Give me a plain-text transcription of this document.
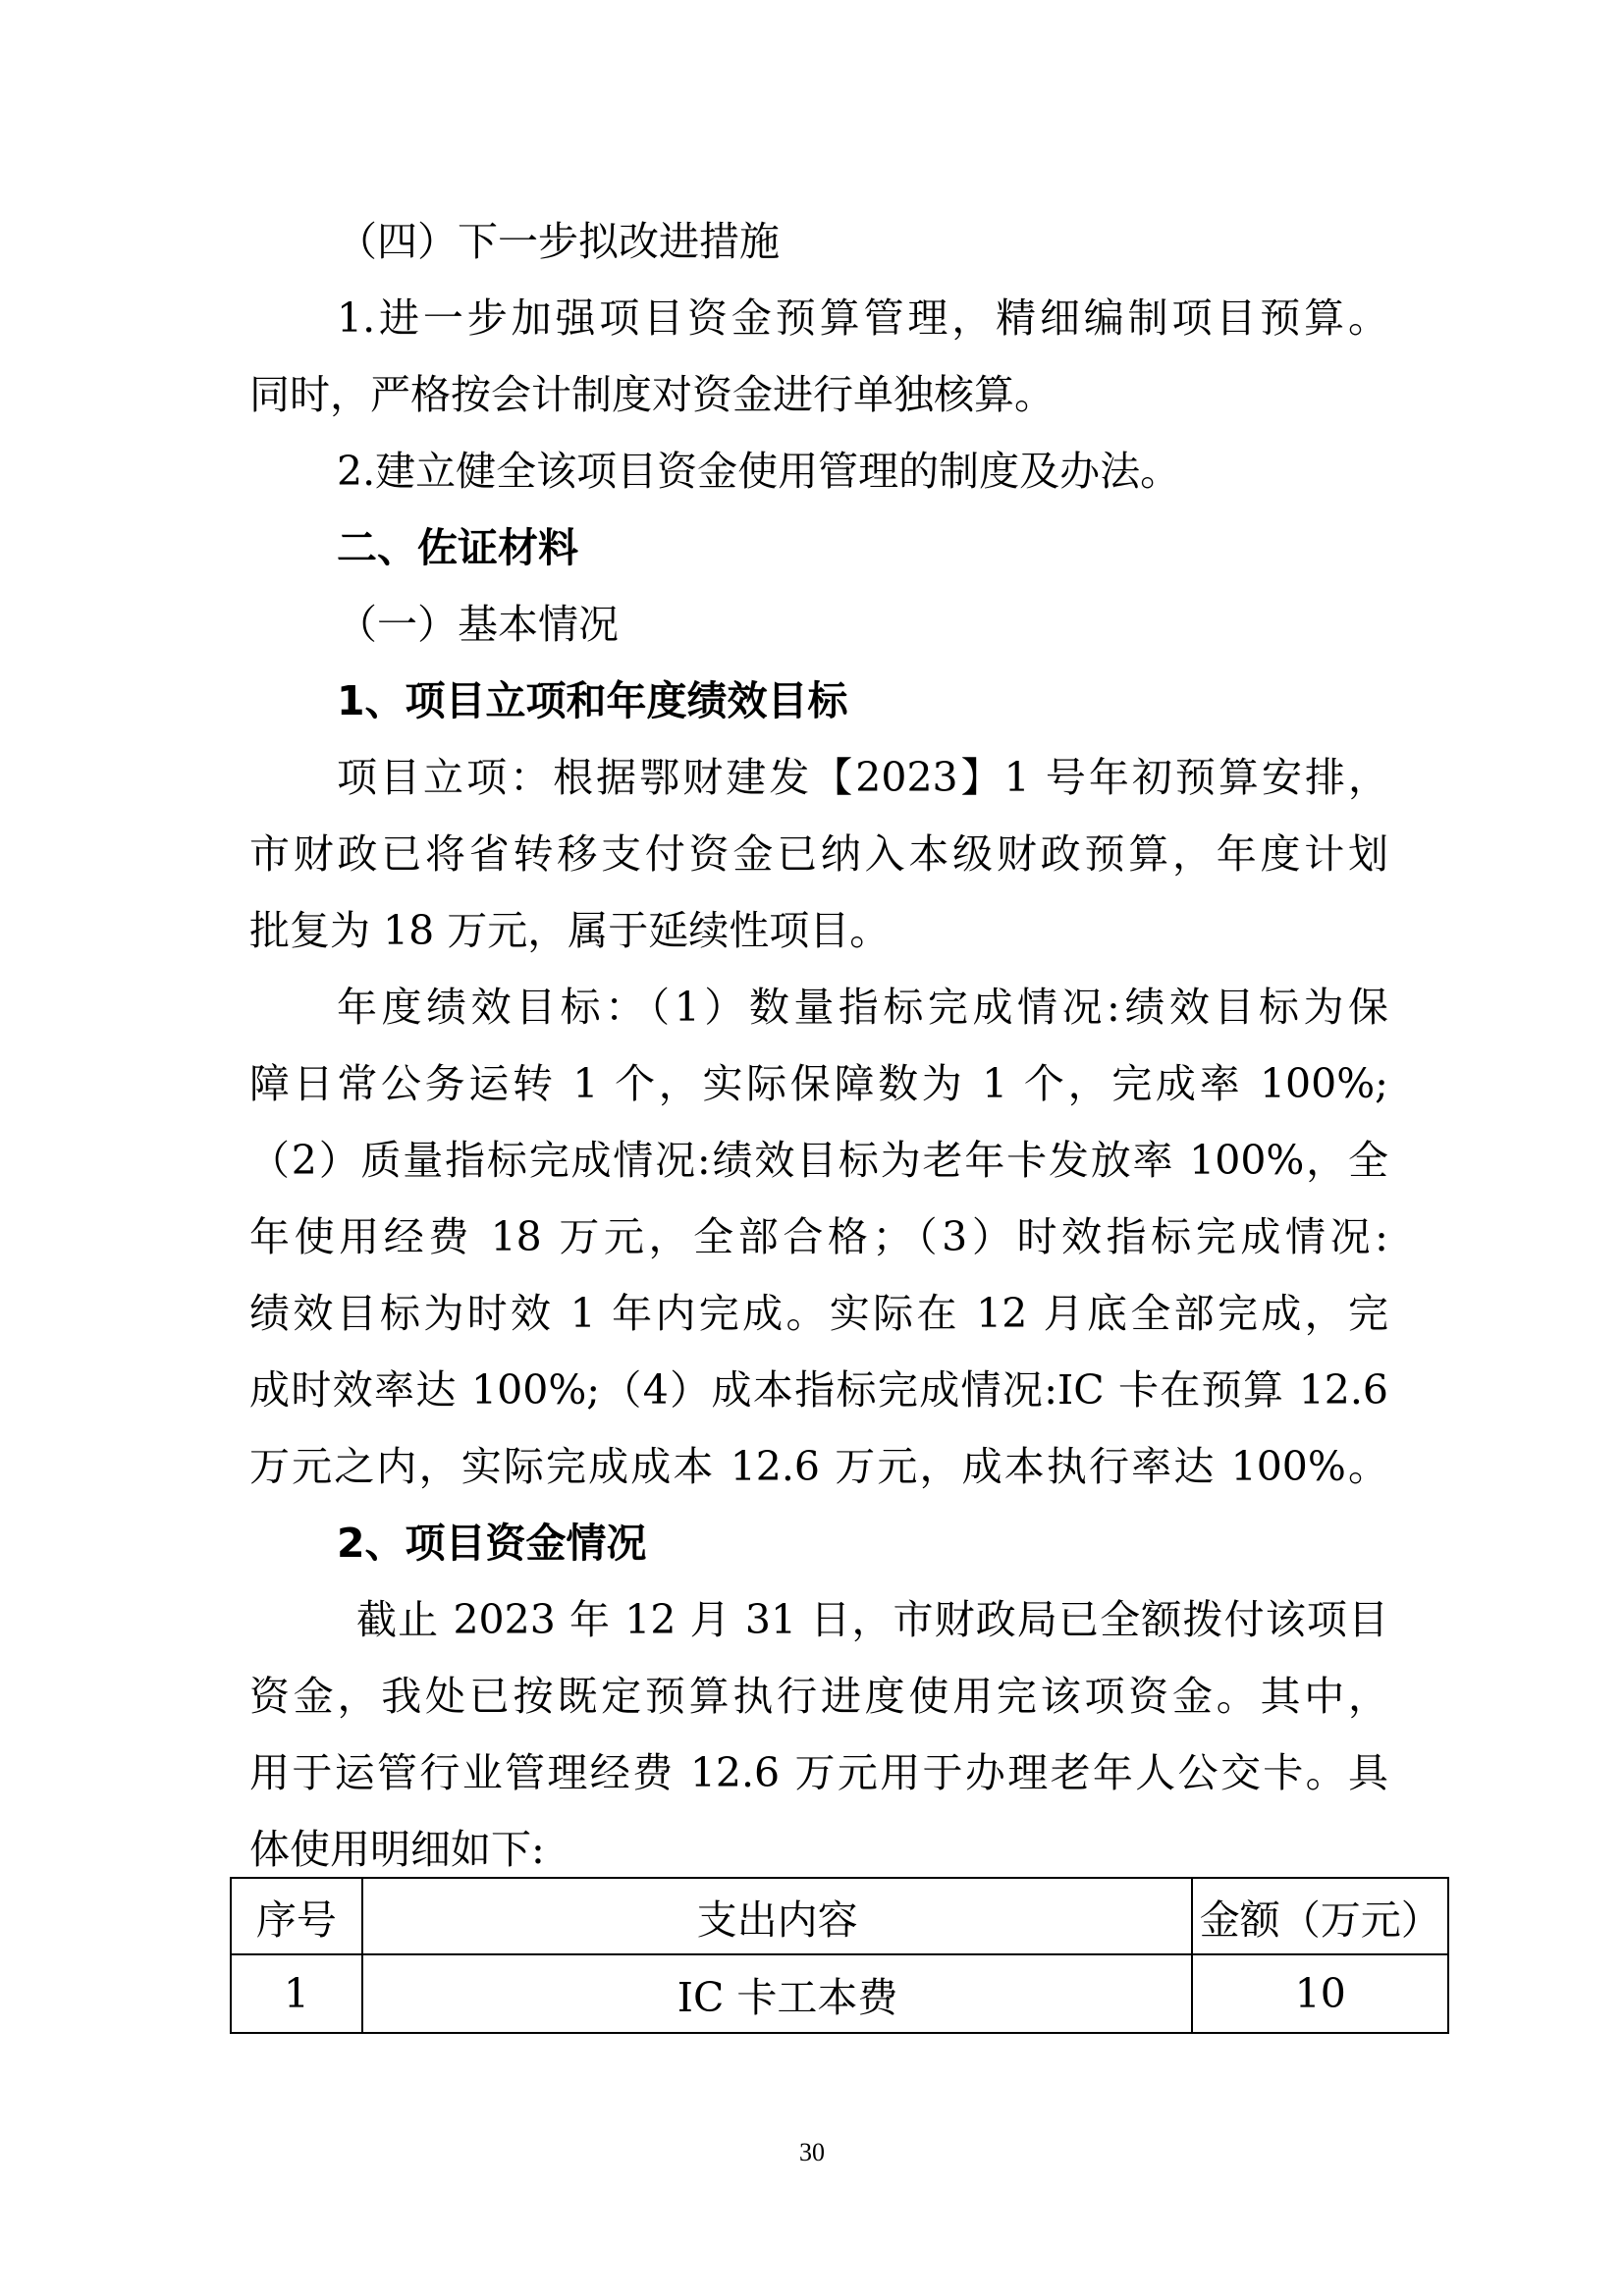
（四）下一步拟改进措施
1.进一步加强项目资金预算管理，精细编制项目预算。
同时，严格按会计制度对资金进行单独核算。
2.建立健全该项目资金使用管理的制度及办法。
二、佐证材料
（一）基本情况
1、项目立项和年度绩效目标
项目立项：根据鄂财建发【2023】1 号年初预算安排，
市财政已将省转移支付资金已纳入本级财政预算，年度计划
批复为 18 万元，属于延续性项目。
年度绩效目标：（1）数量指标完成情况:绩效目标为保
障日常公务运转 1 个，实际保障数为 1 个，完成率 100%;
（2）质量指标完成情况:绩效目标为老年卡发放率 100%，全
年使用经费 18 万元，全部合格；（3）时效指标完成情况:
绩效目标为时效 1 年内完成。实际在 12 月底全部完成，完
成时效率达 100%;（4）成本指标完成情况:IC 卡在预算 12.6
万元之内，实际完成成本 12.6 万元，成本执行率达 100%。
2、项目资金情况
截止 2023 年 12 月 31 日，市财政局已全额拨付该项目
资金，我处已按既定预算执行进度使用完该项资金。其中，
用于运管行业管理经费 12.6 万元用于办理老年人公交卡。具
体使用明细如下:
序号	支出内容	金额（万元）
1	IC 卡工本费	10
30
